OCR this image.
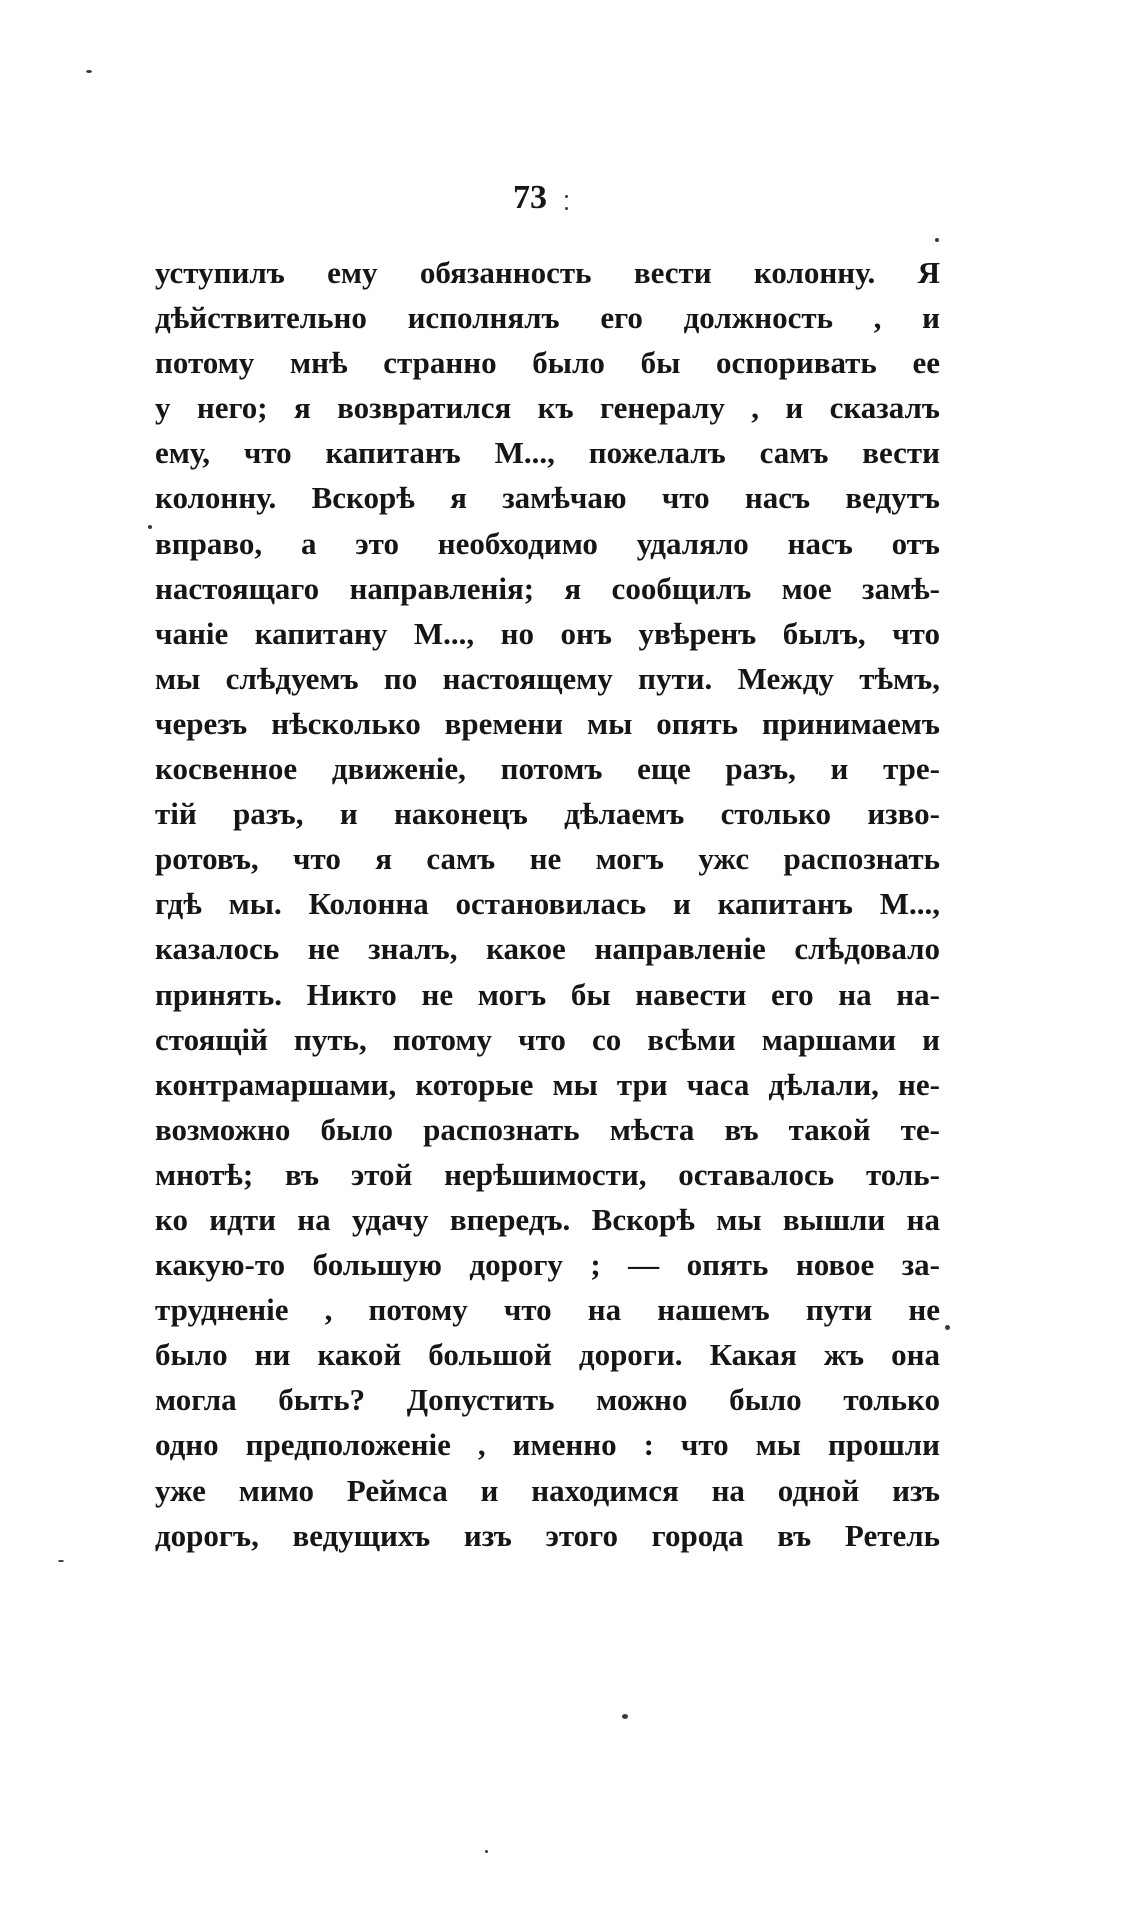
73
уступилъ ему обязанность вести колонну. Я
дѣйствительно исполнялъ его должность , и
потому мнѣ странно было бы оспоривать ее
у него; я возвратился къ генералу , и сказалъ
ему, что капитанъ М..., пожелалъ самъ вести
колонну. Вскорѣ я замѣчаю что насъ ведутъ
вправо, а это необходимо удаляло насъ отъ
настоящаго направленія; я сообщилъ мое замѣ-
чаніе капитану М..., но онъ увѣренъ былъ, что
мы слѣдуемъ по настоящему пути. Между тѣмъ,
черезъ нѣсколько времени мы опять принимаемъ
косвенное движеніе, потомъ еще разъ, и тре-
тій разъ, и наконецъ дѣлаемъ столько изво-
ротовъ, что я самъ не могъ ужс распознать
гдѣ мы. Колонна остановилась и капитанъ М...,
казалось не зналъ, какое направленіе слѣдовало
принять. Никто не могъ бы навести его на на-
стоящій путь, потому что со всѣми маршами и
контрамаршами, которые мы три часа дѣлали, не-
возможно было распознать мѣста въ такой те-
мнотѣ; въ этой нерѣшимости, оставалось толь-
ко идти на удачу впередъ. Вскорѣ мы вышли на
какую-то большую дорогу ; — опять новое за-
трудненіе , потому что на нашемъ пути не
было ни какой большой дороги. Какая жъ она
могла быть? Допустить можно было только
одно предположеніе , именно : что мы прошли
уже мимо Реймса и находимся на одной изъ
дорогъ, ведущихъ изъ этого города въ Ретель
